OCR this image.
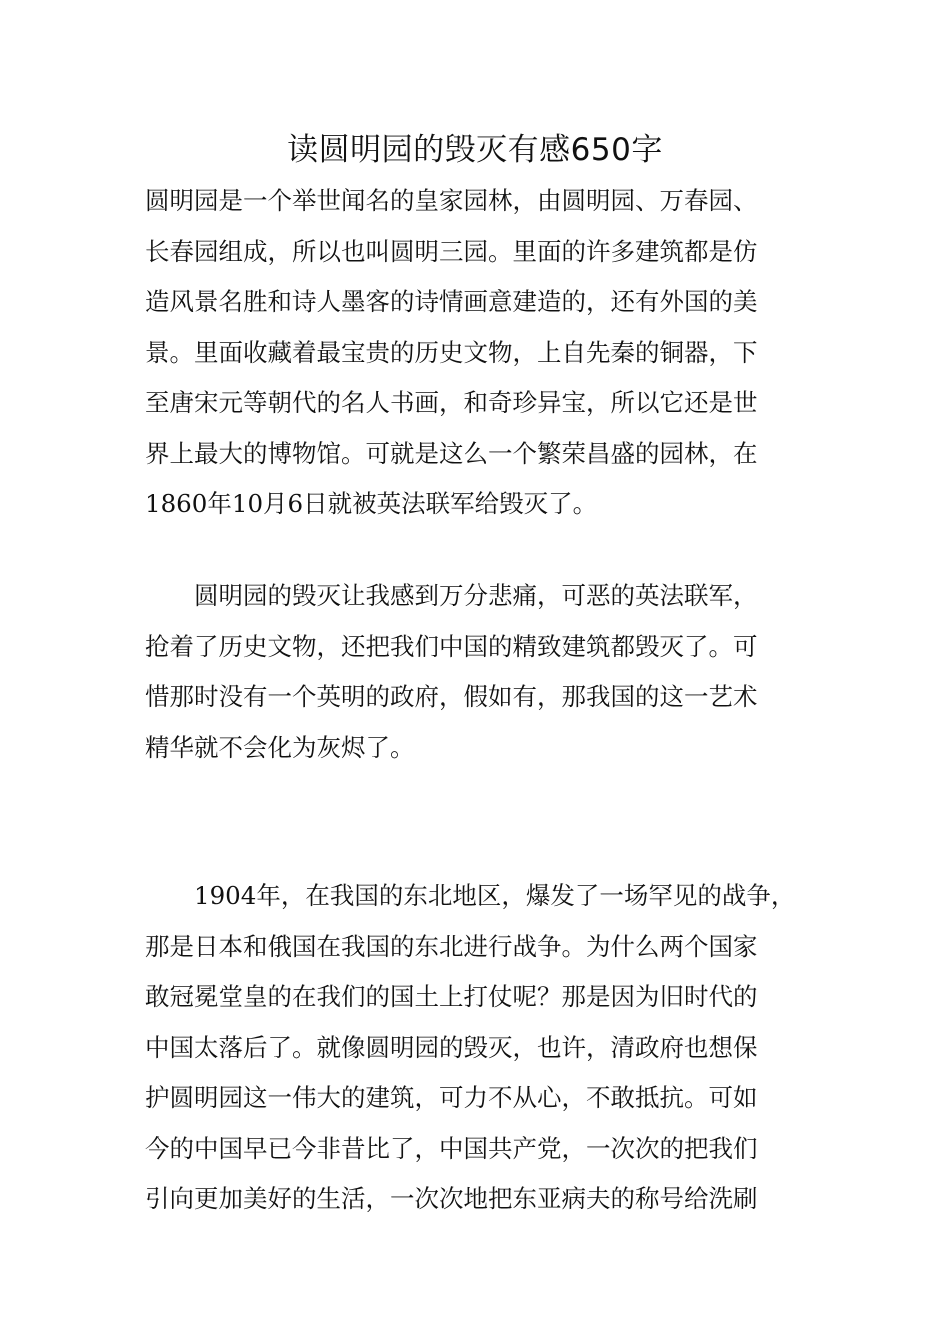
读圆明园的毁灭有感650字

圆明园是一个举世闻名的皇家园林，由圆明园、万春园、
长春园组成，所以也叫圆明三园。里面的许多建筑都是仿
造风景名胜和诗人墨客的诗情画意建造的，还有外国的美
景。里面收藏着最宝贵的历史文物，上自先秦的铜器，下
至唐宋元等朝代的名人书画，和奇珍异宝，所以它还是世
界上最大的博物馆。可就是这么一个繁荣昌盛的园林，在
1860年10月6日就被英法联军给毁灭了。

　　圆明园的毁灭让我感到万分悲痛，可恶的英法联军，
抢着了历史文物，还把我们中国的精致建筑都毁灭了。可
惜那时没有一个英明的政府，假如有，那我国的这一艺术
精华就不会化为灰烬了。

　　1904年，在我国的东北地区，爆发了一场罕见的战争，
那是日本和俄国在我国的东北进行战争。为什么两个国家
敢冠冕堂皇的在我们的国土上打仗呢？那是因为旧时代的
中国太落后了。就像圆明园的毁灭，也许，清政府也想保
护圆明园这一伟大的建筑，可力不从心，不敢抵抗。可如
今的中国早已今非昔比了，中国共产党，一次次的把我们
引向更加美好的生活，一次次地把东亚病夫的称号给洗刷
